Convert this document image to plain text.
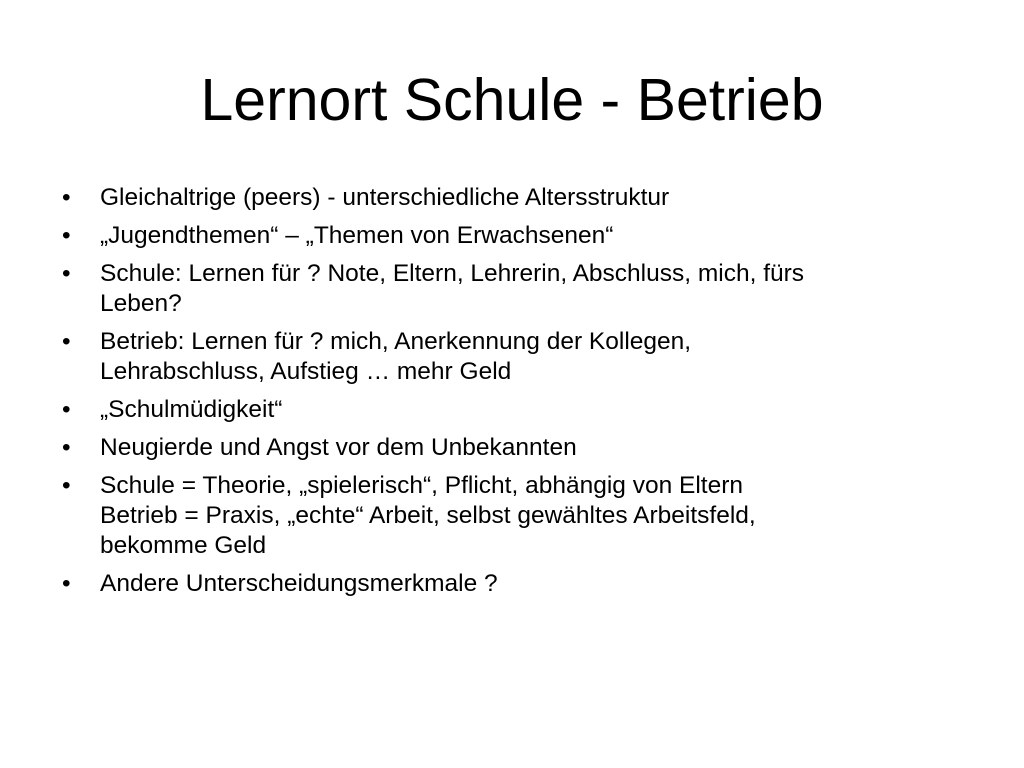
Lernort Schule - Betrieb
•	Gleichaltrige (peers) - unterschiedliche Altersstruktur
•	„Jugendthemen“ – „Themen von Erwachsenen“
•	Schule: Lernen für ? Note, Eltern, Lehrerin, Abschluss, mich, fürs
Leben?
•	Betrieb: Lernen für ? mich, Anerkennung der Kollegen,
Lehrabschluss, Aufstieg … mehr Geld
•	„Schulmüdigkeit“
•	Neugierde und Angst vor dem Unbekannten
•	Schule = Theorie, „spielerisch“, Pflicht, abhängig von Eltern
Betrieb = Praxis, „echte“ Arbeit, selbst gewähltes Arbeitsfeld,
bekomme Geld
•	Andere Unterscheidungsmerkmale ?
